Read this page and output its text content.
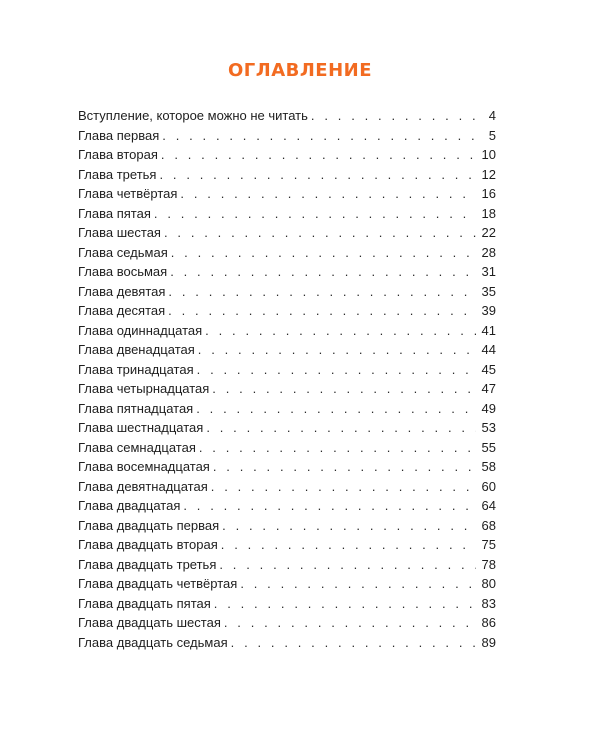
ОГЛАВЛЕНИЕ
Вступление, которое можно не читать . . .	4
Глава первая . . .	5
Глава вторая . . .	10
Глава третья . . .	12
Глава четвёртая . . .	16
Глава пятая . . .	18
Глава шестая . . .	22
Глава седьмая . . .	28
Глава восьмая . . .	31
Глава девятая . . .	35
Глава десятая . . .	39
Глава одиннадцатая . . .	41
Глава двенадцатая . . .	44
Глава тринадцатая . . .	45
Глава четырнадцатая . . .	47
Глава пятнадцатая . . .	49
Глава шестнадцатая . . .	53
Глава семнадцатая . . .	55
Глава восемнадцатая . . .	58
Глава девятнадцатая . . .	60
Глава двадцатая . . .	64
Глава двадцать первая . . .	68
Глава двадцать вторая . . .	75
Глава двадцать третья . . .	78
Глава двадцать четвёртая . . .	80
Глава двадцать пятая . . .	83
Глава двадцать шестая . . .	86
Глава двадцать седьмая . . .	89
